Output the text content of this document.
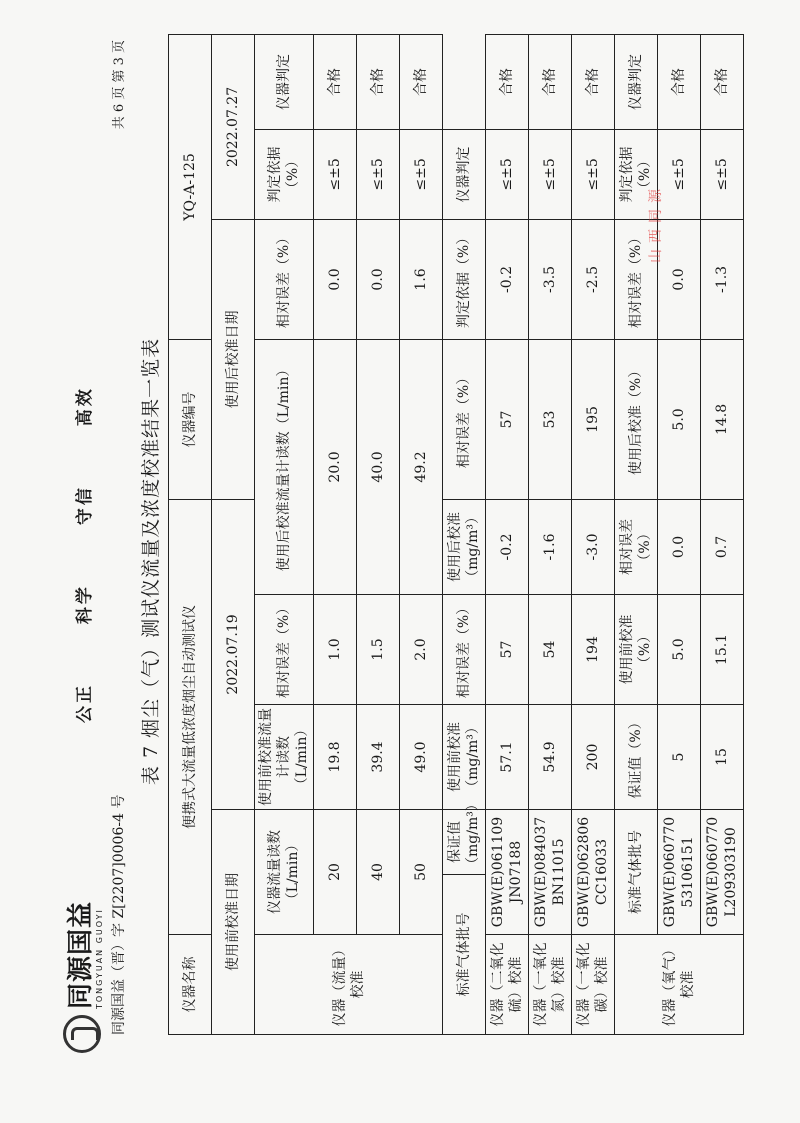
同源国益 TONGYUAN GUOYI
公正 科学 守信 高效
同源国益（晋）字 Z[2207]0006-4 号
共 6 页 第 3 页
表 7 烟尘（气）测试仪流量及浓度校准结果一览表
仪器名称	便携式大流量低浓度烟尘自动测试仪					仪器编号	YQ-A-125		
使用前校准日期			2022.07.19			使用后校准日期		2022.07.27	
仪器（流量）校准	仪器流量读数（L/min）		使用前校准流量计读数（L/min）	相对误差（%）	使用后校准流量计读数（L/min）		相对误差（%）	判定依据（%）	仪器判定
	20		19.8	1.0	20.0		0.0	≤±5	合格
	40		39.4	1.5	40.0		0.0	≤±5	合格
	50		49.0	2.0	49.2		1.6	≤±5	合格
标准气体批号		保证值（mg/m³）	使用前校准（mg/m³）	相对误差（%）	使用后校准（mg/m³）	相对误差（%）	判定依据（%）	仪器判定	
仪器（二氧化硫）校准	GBW(E)061109 JN07188		57.1	57	-0.2	57	-0.2	≤±5	合格
仪器（一氧化氮）校准	GBW(E)084037 BN11015		54.9	54	-1.6	53	-3.5	≤±5	合格
仪器（一氧化碳）校准	GBW(E)062806 CC16033		200	194	-3.0	195	-2.5	≤±5	合格
仪器（氧气）校准	标准气体批号		保证值（%）	使用前校准（%）	相对误差（%）	使用后校准（%）	相对误差（%）	判定依据（%）	仪器判定
	GBW(E)060770 53106151		5	5.0	0.0	5.0	0.0	≤±5	合格
	GBW(E)060770 L209303190		15	15.1	0.7	14.8	-1.3	≤±5	合格
山西同源
